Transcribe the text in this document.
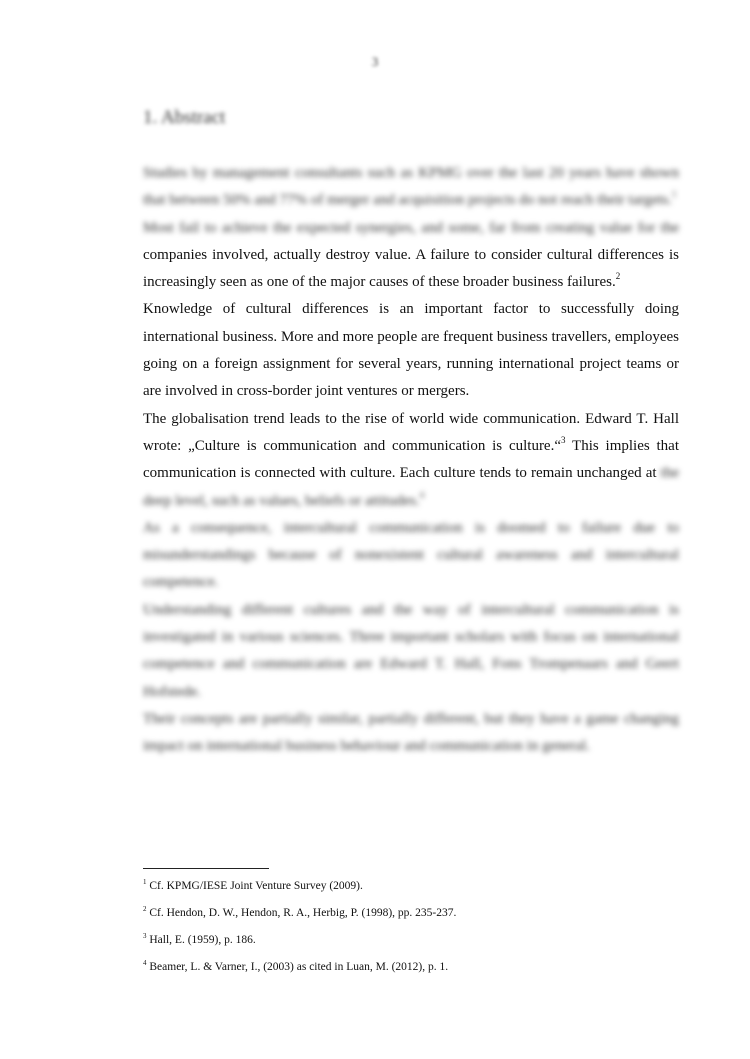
3
1. Abstract

Studies by management consultants such as KPMG over the last 20 years have shown that between 50% and 77% of merger and acquisition projects do not reach their targets.$^1$

Most fail to achieve the expected synergies, and some, far from creating value for the companies involved, actually destroy value. A failure to consider cultural differences is increasingly seen as one of the major causes of these broader business failures.$^2$

Knowledge of cultural differences is an important factor to successfully doing international business. More and more people are frequent business travellers, employees going on a foreign assignment for several years, running international project teams or are involved in cross-border joint ventures or mergers.

The globalisation trend leads to the rise of world wide communication. Edward T. Hall wrote: „Culture is communication and communication is culture.“$^3$ This implies that communication is connected with culture. Each culture tends to remain unchanged at the deep level, such as values, beliefs or attitudes.$^4$

As a consequence, intercultural communication is doomed to failure due to misunderstandings because of nonexistent cultural awareness and intercultural competence.

Understanding different cultures and the way of intercultural communication is investigated in various sciences. Three important scholars with focus on international competence and communication are Edward T. Hall, Fons Trompenaars and Geert Hofstede.

Their concepts are partially similar, partially different, but they have a game changing impact on international business behaviour and communication in general.

$^1$ Cf. KPMG/IESE Joint Venture Survey (2009).
$^2$ Cf. Hendon, D. W., Hendon, R. A., Herbig, P. (1998), pp. 235-237.
$^3$ Hall, E. (1959), p. 186.
$^4$ Beamer, L. & Varner, I., (2003) as cited in Luan, M. (2012), p. 1.
